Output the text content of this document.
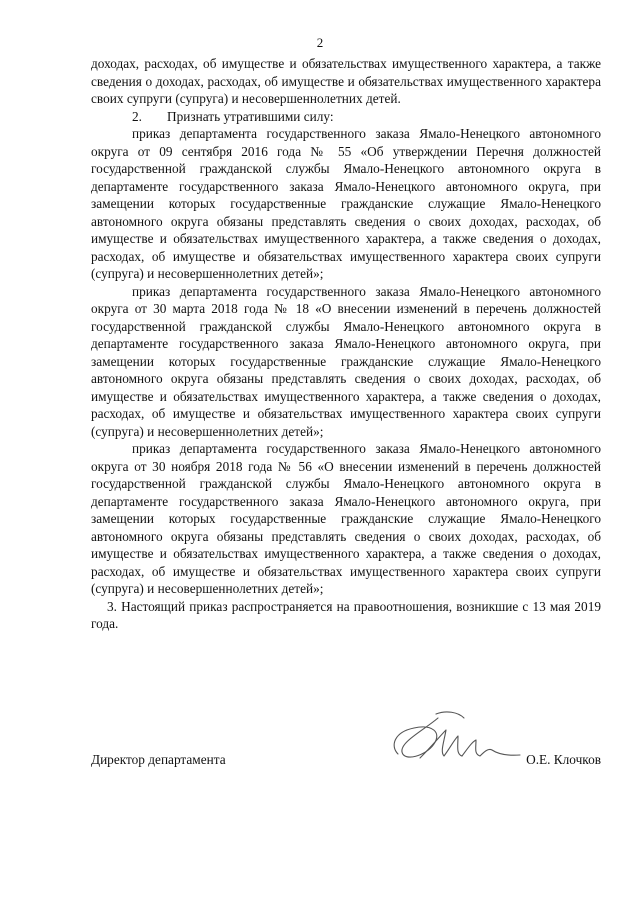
2

доходах, расходах, об имуществе и обязательствах имущественного характера, а также сведения о доходах, расходах, об имуществе и обязательствах имущественного характера своих супруги (супруга) и несовершеннолетних детей.

2. Признать утратившими силу:

приказ департамента государственного заказа Ямало-Ненецкого автономного округа от 09 сентября 2016 года № 55 «Об утверждении Перечня должностей государственной гражданской службы Ямало-Ненецкого автономного округа в департаменте государственного заказа Ямало-Ненецкого автономного округа, при замещении которых государственные гражданские служащие Ямало-Ненецкого автономного округа обязаны представлять сведения о своих доходах, расходах, об имуществе и обязательствах имущественного характера, а также сведения о доходах, расходах, об имуществе и обязательствах имущественного характера своих супруги (супруга) и несовершеннолетних детей»;

приказ департамента государственного заказа Ямало-Ненецкого автономного округа от 30 марта 2018 года № 18 «О внесении изменений в перечень должностей государственной гражданской службы Ямало-Ненецкого автономного округа в департаменте государственного заказа Ямало-Ненецкого автономного округа, при замещении которых государственные гражданские служащие Ямало-Ненецкого автономного округа обязаны представлять сведения о своих доходах, расходах, об имуществе и обязательствах имущественного характера, а также сведения о доходах, расходах, об имуществе и обязательствах имущественного характера своих супруги (супруга) и несовершеннолетних детей»;

приказ департамента государственного заказа Ямало-Ненецкого автономного округа от 30 ноября 2018 года № 56 «О внесении изменений в перечень должностей государственной гражданской службы Ямало-Ненецкого автономного округа в департаменте государственного заказа Ямало-Ненецкого автономного округа, при замещении которых государственные гражданские служащие Ямало-Ненецкого автономного округа обязаны представлять сведения о своих доходах, расходах, об имуществе и обязательствах имущественного характера, а также сведения о доходах, расходах, об имуществе и обязательствах имущественного характера своих супруги (супруга) и несовершеннолетних детей»;

3. Настоящий приказ распространяется на правоотношения, возникшие с 13 мая 2019 года.

Директор департамента	О.Е. Клочков
